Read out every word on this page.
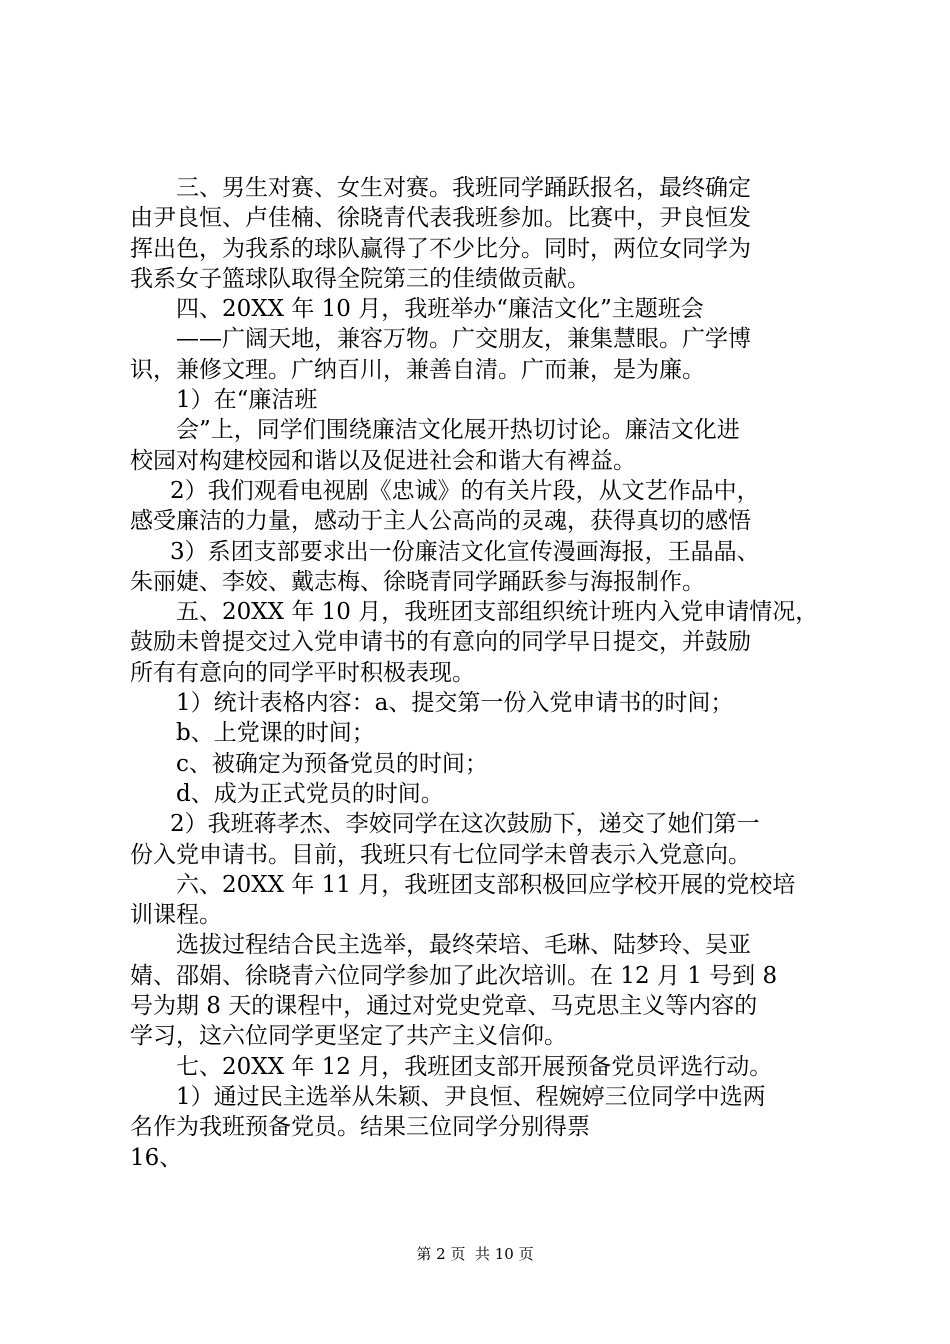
三、男生对赛、女生对赛。我班同学踊跃报名，最终确定
由尹良恒、卢佳楠、徐晓青代表我班参加。比赛中，尹良恒发
挥出色，为我系的球队赢得了不少比分。同时，两位女同学为
我系女子篮球队取得全院第三的佳绩做贡献。
四、20XX 年 10 月，我班举办“廉洁文化”主题班会
——广阔天地，兼容万物。广交朋友，兼集慧眼。广学博
识，兼修文理。广纳百川，兼善自清。广而兼，是为廉。
1）在“廉洁班
会”上，同学们围绕廉洁文化展开热切讨论。廉洁文化进
校园对构建校园和谐以及促进社会和谐大有裨益。
2）我们观看电视剧《忠诚》的有关片段，从文艺作品中，
感受廉洁的力量，感动于主人公高尚的灵魂，获得真切的感悟
3）系团支部要求出一份廉洁文化宣传漫画海报，王晶晶、
朱丽婕、李姣、戴志梅、徐晓青同学踊跃参与海报制作。
五、20XX 年 10 月，我班团支部组织统计班内入党申请情况，
鼓励未曾提交过入党申请书的有意向的同学早日提交，并鼓励
所有有意向的同学平时积极表现。
1）统计表格内容：a、提交第一份入党申请书的时间；
b、上党课的时间；
c、被确定为预备党员的时间；
d、成为正式党员的时间。
2）我班蒋孝杰、李姣同学在这次鼓励下，递交了她们第一
份入党申请书。目前，我班只有七位同学未曾表示入党意向。
六、20XX 年 11 月，我班团支部积极回应学校开展的党校培
训课程。
选拔过程结合民主选举，最终荣培、毛琳、陆梦玲、吴亚
婧、邵娟、徐晓青六位同学参加了此次培训。在 12 月 1 号到 8
号为期 8 天的课程中，通过对党史党章、马克思主义等内容的
学习，这六位同学更坚定了共产主义信仰。
七、20XX 年 12 月，我班团支部开展预备党员评选行动。
1）通过民主选举从朱颖、尹良恒、程婉婷三位同学中选两
名作为我班预备党员。结果三位同学分别得票
16、
第 2 页  共 10 页
